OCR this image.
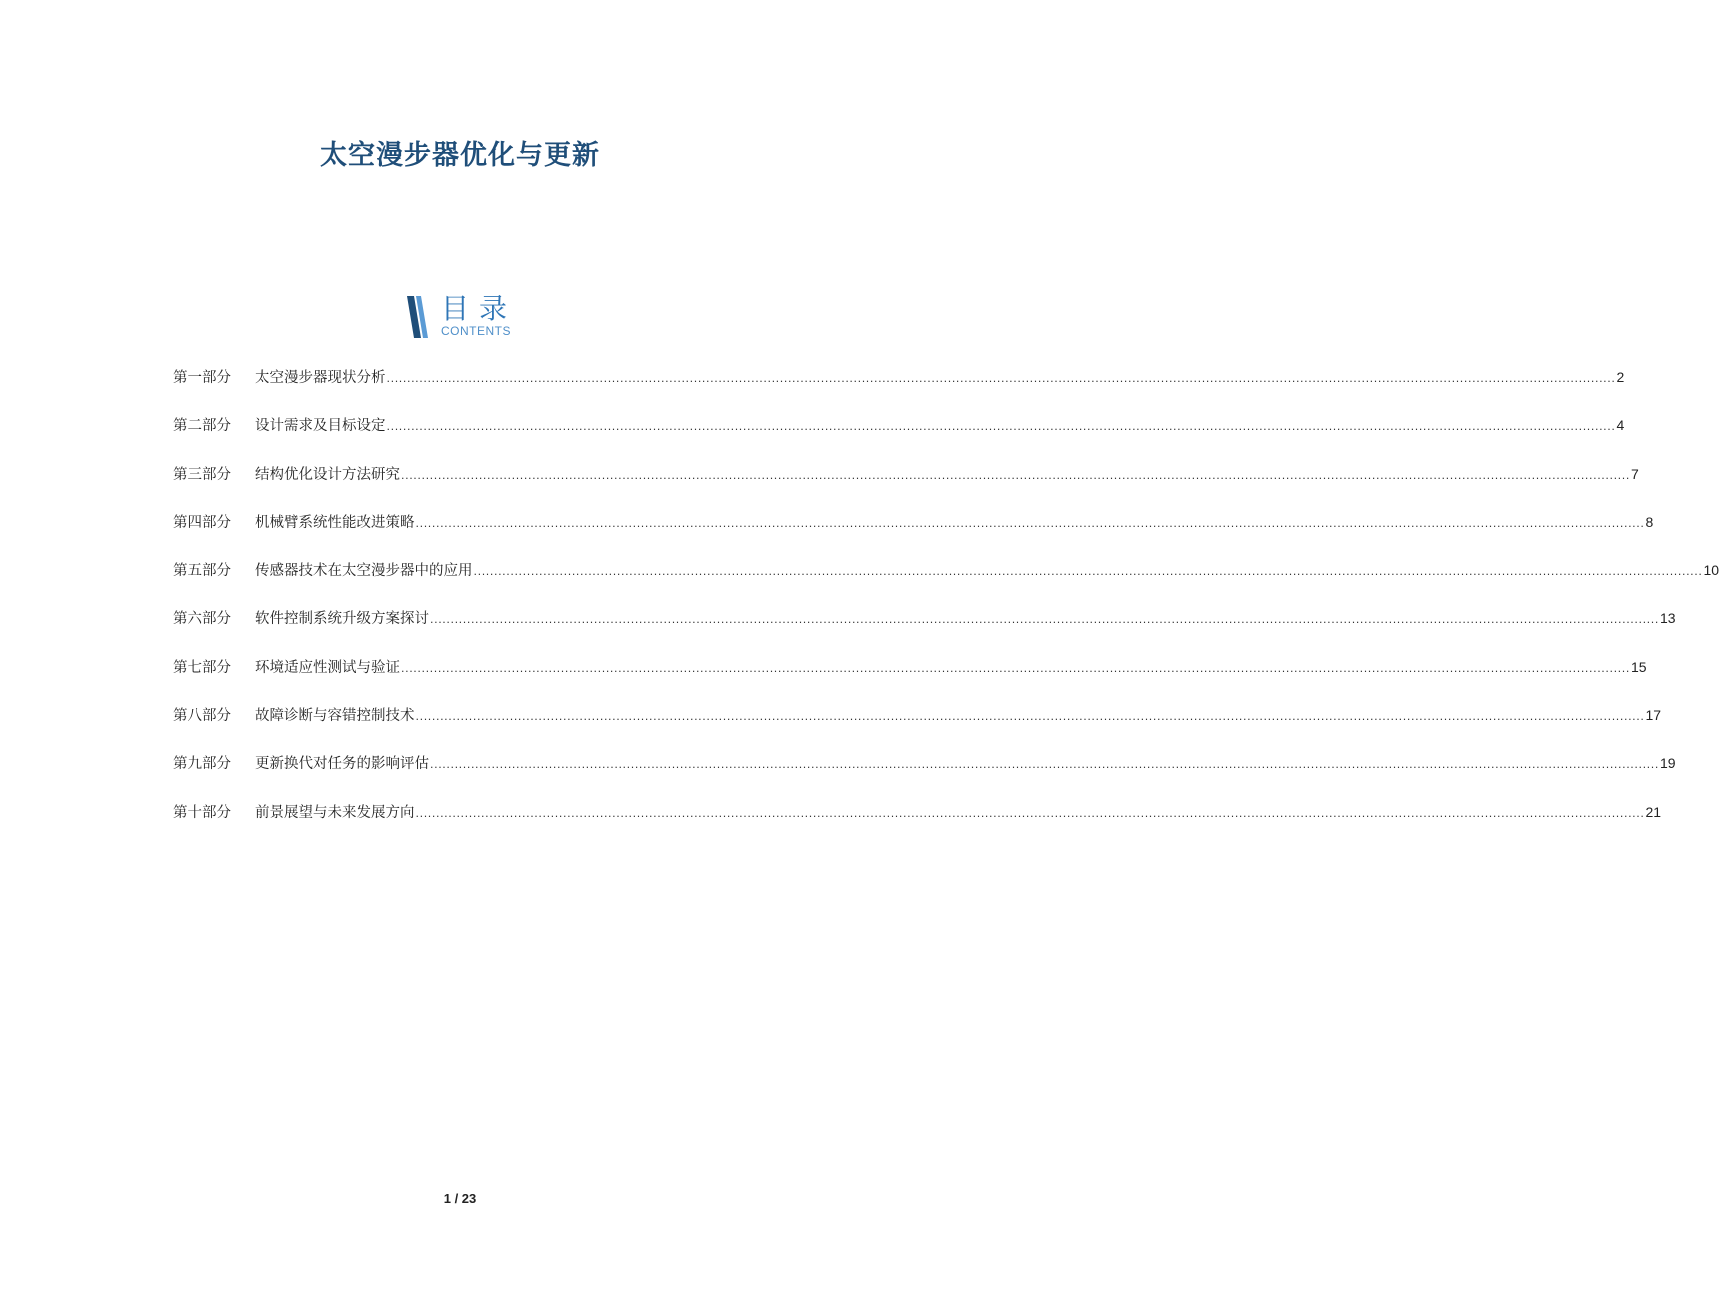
太空漫步器优化与更新
目录
CONTENTS
第一部分	太空漫步器现状分析 ............................................................................................................................................................................................................................................................................................................ 2
第二部分	设计需求及目标设定 ............................................................................................................................................................................................................................................................................................................ 4
第三部分	结构优化设计方法研究 ............................................................................................................................................................................................................................................................................................................ 7
第四部分	机械臂系统性能改进策略 ............................................................................................................................................................................................................................................................................................................ 8
第五部分	传感器技术在太空漫步器中的应用 ............................................................................................................................................................................................................................................................................................................ 10
第六部分	软件控制系统升级方案探讨 ............................................................................................................................................................................................................................................................................................................ 13
第七部分	环境适应性测试与验证 ............................................................................................................................................................................................................................................................................................................ 15
第八部分	故障诊断与容错控制技术 ............................................................................................................................................................................................................................................................................................................ 17
第九部分	更新换代对任务的影响评估 ............................................................................................................................................................................................................................................................................................................ 19
第十部分	前景展望与未来发展方向 ............................................................................................................................................................................................................................................................................................................ 21
1 / 23
